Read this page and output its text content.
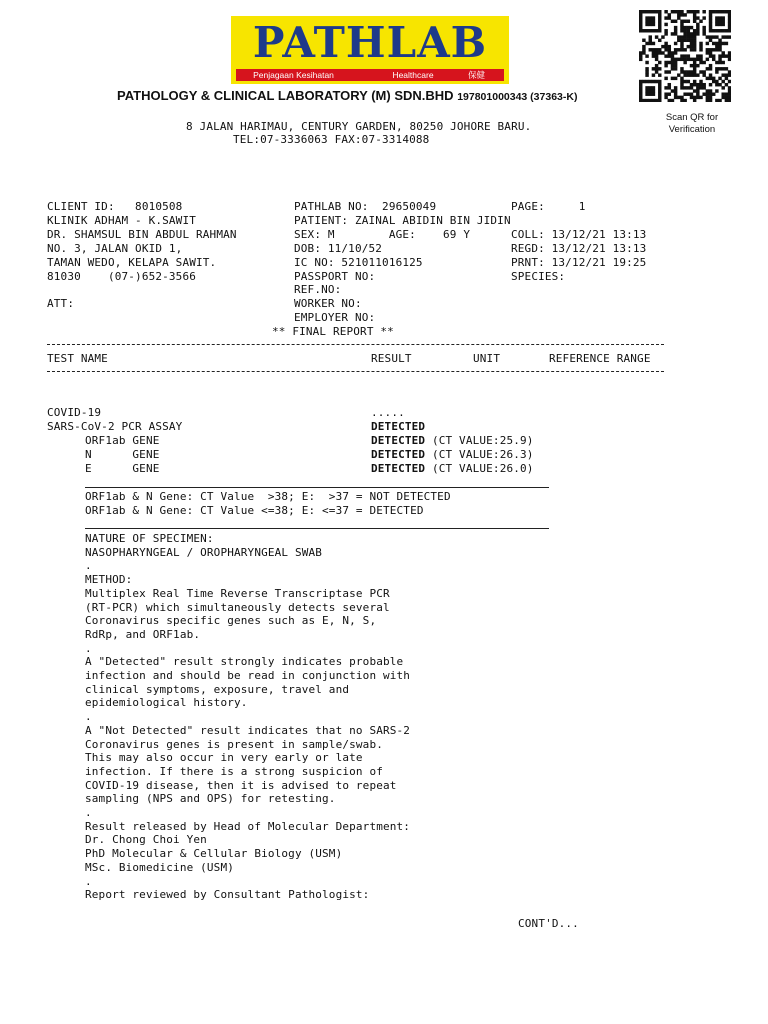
PATHLAB

Penjagaan Kesihatan

	Healthcare

	保健

PATHOLOGY & CLINICAL LABORATORY (M) SDN.BHD 197801000343 (37363-K)
Scan QR for Verification
8 JALAN HARIMAU, CENTURY GARDEN, 80250 JOHORE BARU.
TEL:07-3336063 FAX:07-3314088
CLIENT ID:   8010508
KLINIK ADHAM - K.SAWIT
DR. SHAMSUL BIN ABDUL RAHMAN
NO. 3, JALAN OKID 1,
TAMAN WEDO, KELAPA SAWIT.
81030    (07-)652-3566
ATT:
PATHLAB NO:  29650049
PATIENT: ZAINAL ABIDIN BIN JIDIN
SEX: M        AGE:    69 Y
DOB: 11/10/52
IC NO: 521011016125
PASSPORT NO:
REF.NO:
WORKER NO:
EMPLOYER NO:
PAGE:     1
COLL: 13/12/21 13:13
REGD: 13/12/21 13:13
PRNT: 13/12/21 19:25
SPECIES:
** FINAL REPORT **
TEST NAME	RESULT	UNIT	REFERENCE RANGE
COVID-19	.....
SARS-CoV-2 PCR ASSAY	DETECTED
ORF1ab GENE	DETECTED (CT VALUE:25.9)
N      GENE	DETECTED (CT VALUE:26.3)
E      GENE	DETECTED (CT VALUE:26.0)
ORF1ab & N Gene: CT Value  >38; E:  >37 = NOT DETECTED
ORF1ab & N Gene: CT Value <=38; E: <=37 = DETECTED
NATURE OF SPECIMEN:
NASOPHARYNGEAL / OROPHARYNGEAL SWAB
.
METHOD:
Multiplex Real Time Reverse Transcriptase PCR
(RT-PCR) which simultaneously detects several
Coronavirus specific genes such as E, N, S,
RdRp, and ORF1ab.
.
A "Detected" result strongly indicates probable
infection and should be read in conjunction with
clinical symptoms, exposure, travel and
epidemiological history.
.
A "Not Detected" result indicates that no SARS-2
Coronavirus genes is present in sample/swab.
This may also occur in very early or late
infection. If there is a strong suspicion of
COVID-19 disease, then it is advised to repeat
sampling (NPS and OPS) for retesting.
.
Result released by Head of Molecular Department:
Dr. Chong Choi Yen
PhD Molecular & Cellular Biology (USM)
MSc. Biomedicine (USM)
.
Report reviewed by Consultant Pathologist:
CONT'D...
